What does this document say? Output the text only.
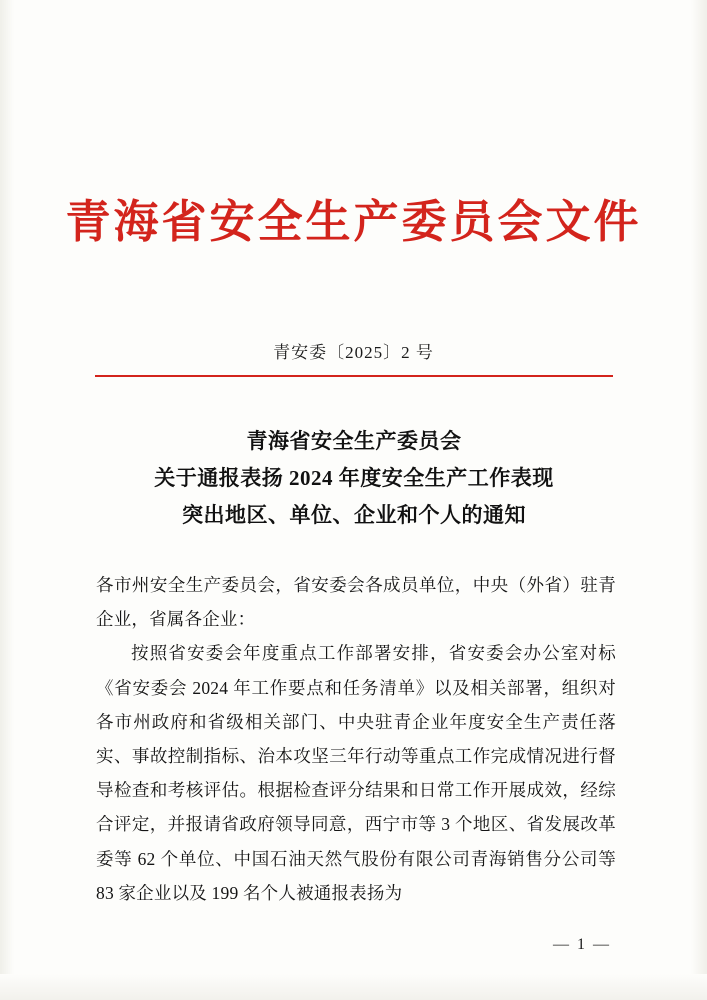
青海省安全生产委员会文件
青安委〔2025〕2 号
青海省安全生产委员会
关于通报表扬 2024 年度安全生产工作表现
突出地区、单位、企业和个人的通知

各市州安全生产委员会，省安委会各成员单位，中央（外省）驻青企业，省属各企业：

按照省安委会年度重点工作部署安排，省安委会办公室对标《省安委会 2024 年工作要点和任务清单》以及相关部署，组织对各市州政府和省级相关部门、中央驻青企业年度安全生产责任落实、事故控制指标、治本攻坚三年行动等重点工作完成情况进行督导检查和考核评估。根据检查评分结果和日常工作开展成效，经综合评定，并报请省政府领导同意，西宁市等 3 个地区、省发展改革委等 62 个单位、中国石油天然气股份有限公司青海销售分公司等 83 家企业以及 199 名个人被通报表扬为

— 1 —
